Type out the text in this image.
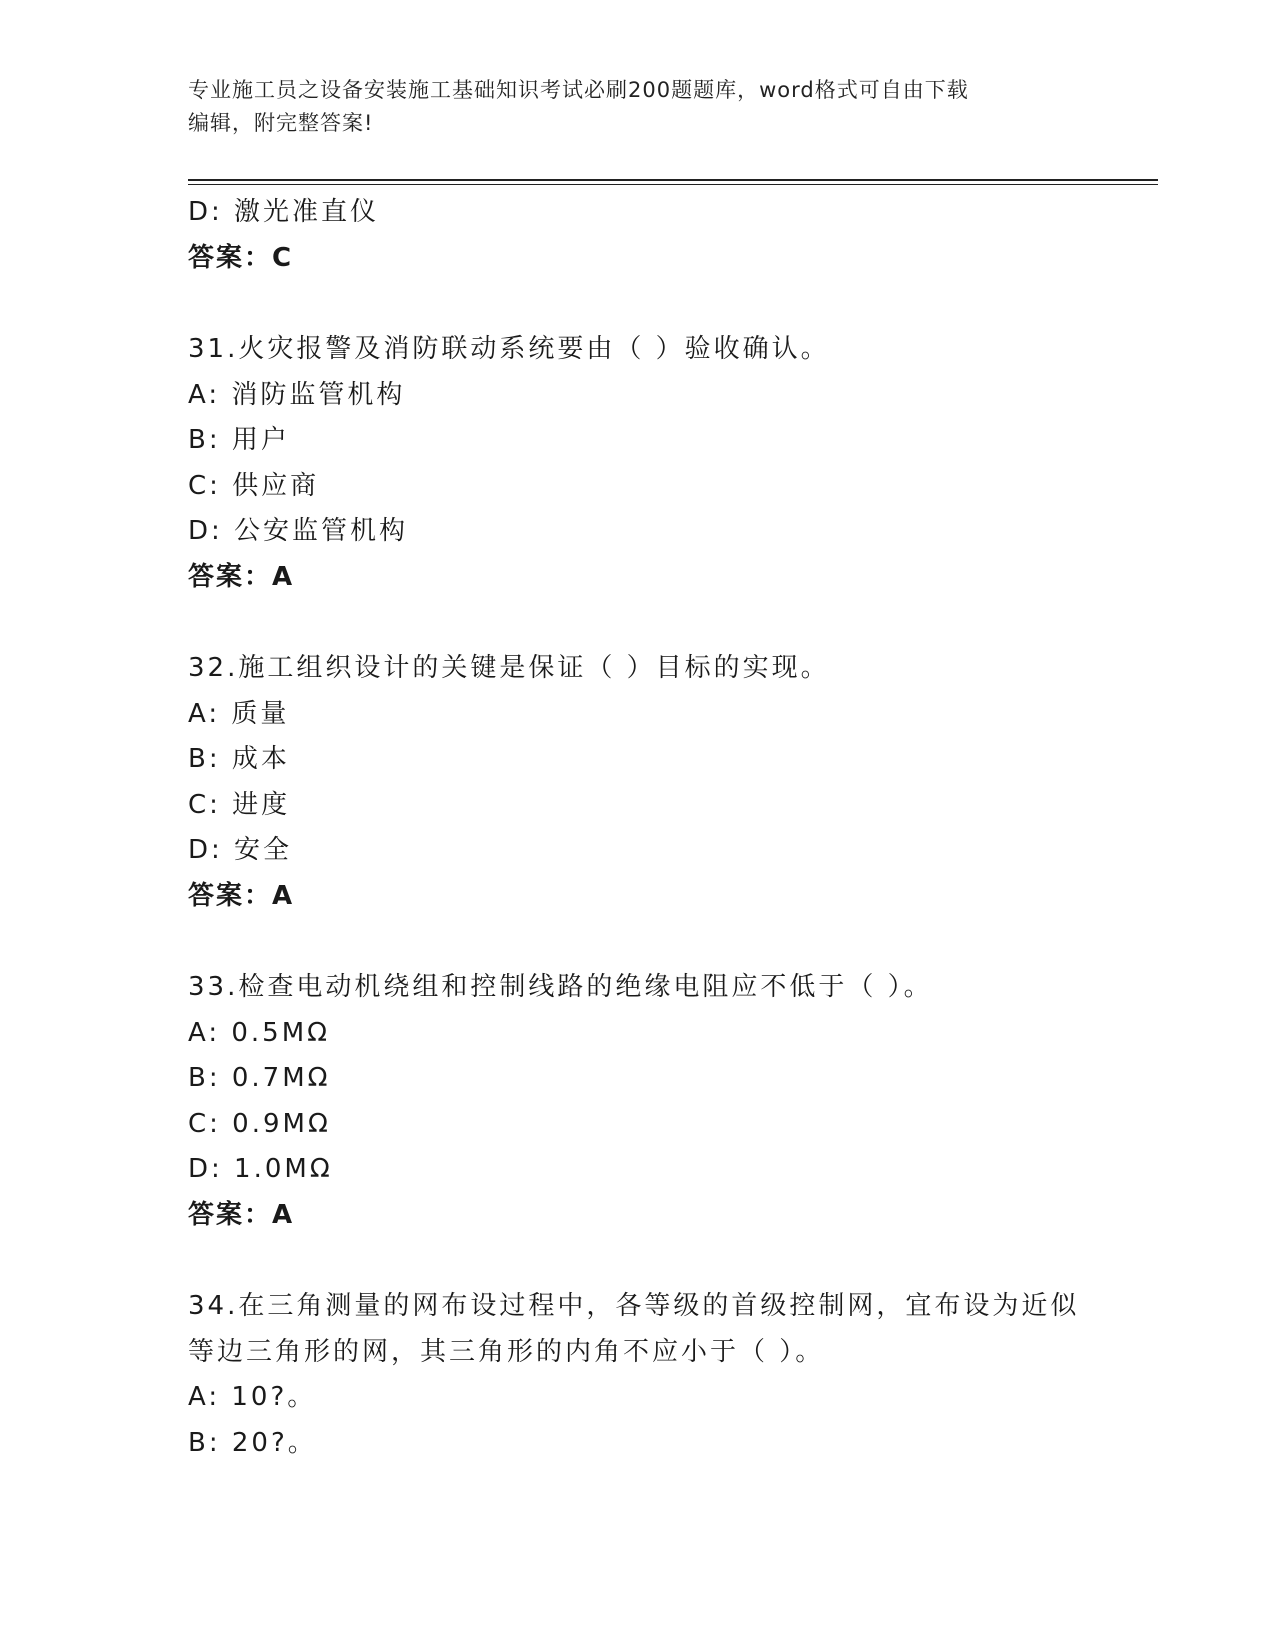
专业施工员之设备安装施工基础知识考试必刷200题题库，word格式可自由下载
编辑，附完整答案!
D: 激光准直仪
答案：C
31.火灾报警及消防联动系统要由（ ）验收确认。
A: 消防监管机构
B: 用户
C: 供应商
D: 公安监管机构
答案：A
32.施工组织设计的关键是保证（ ）目标的实现。
A: 质量
B: 成本
C: 进度
D: 安全
答案：A
33.检查电动机绕组和控制线路的绝缘电阻应不低于（ ）。
A: 0.5MΩ
B: 0.7MΩ
C: 0.9MΩ
D: 1.0MΩ
答案：A
34.在三角测量的网布设过程中，各等级的首级控制网，宜布设为近似
等边三角形的网，其三角形的内角不应小于（ ）。
A: 10?。
B: 20?。
